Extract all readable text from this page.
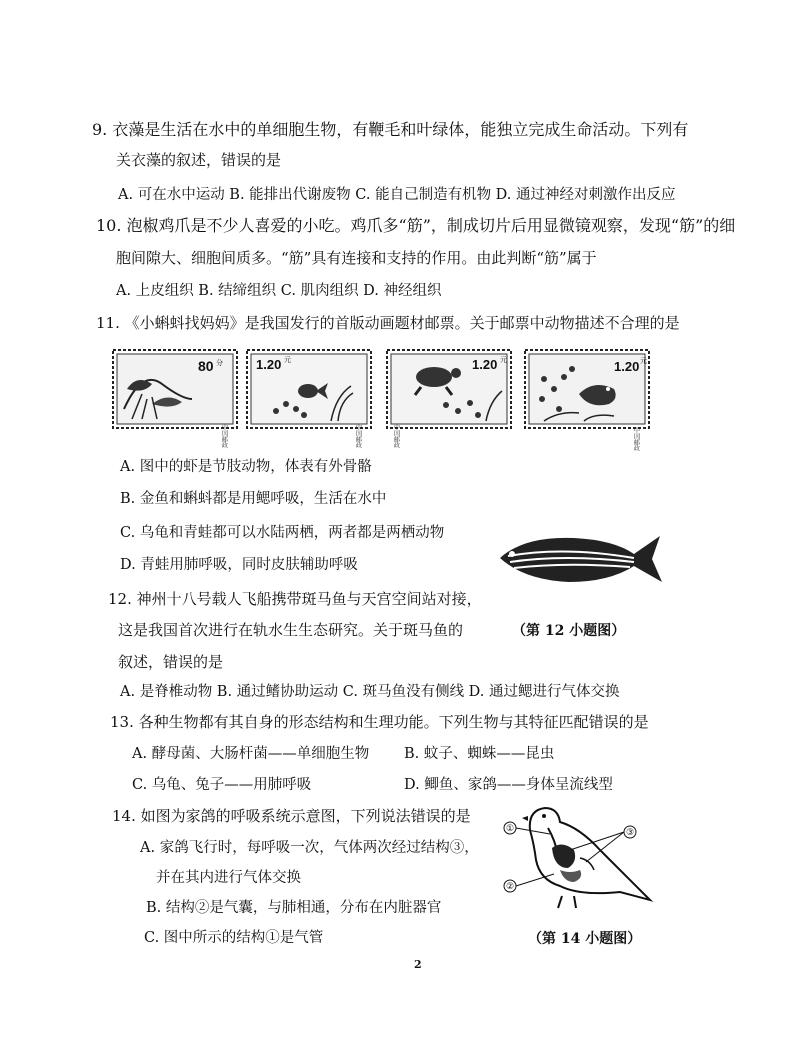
9. 衣藻是生活在水中的单细胞生物，有鞭毛和叶绿体，能独立完成生命活动。下列有
关衣藻的叙述，错误的是
A. 可在水中运动 B. 能排出代谢废物 C. 能自己制造有机物 D. 通过神经对刺激作出反应
10. 泡椒鸡爪是不少人喜爱的小吃。鸡爪多“筋”，制成切片后用显微镜观察，发现“筋”的细
胞间隙大、细胞间质多。“筋”具有连接和支持的作用。由此判断“筋”属于
A. 上皮组织 B. 结缔组织 C. 肌肉组织 D. 神经组织
11. 《小蝌蚪找妈妈》是我国发行的首版动画题材邮票。关于邮票中动物描述不合理的是
80 分
中国邮政
1.20 元
中国邮政
1.20 元
中国邮政
1.20 元
中国邮政
A. 图中的虾是节肢动物，体表有外骨骼
B. 金鱼和蝌蚪都是用鳃呼吸，生活在水中
C. 乌龟和青蛙都可以水陆两栖，两者都是两栖动物
D. 青蛙用肺呼吸，同时皮肤辅助呼吸
12. 神州十八号载人飞船携带斑马鱼与天宫空间站对接，
这是我国首次进行在轨水生生态研究。关于斑马鱼的	（第 12 小题图）
叙述，错误的是
A. 是脊椎动物 B. 通过鳍协助运动 C. 斑马鱼没有侧线 D. 通过鳃进行气体交换
13. 各种生物都有其自身的形态结构和生理功能。下列生物与其特征匹配错误的是
A. 酵母菌、大肠杆菌——单细胞生物 B. 蚊子、蜘蛛——昆虫
C. 乌龟、兔子——用肺呼吸	D. 鲫鱼、家鸽——身体呈流线型
14. 如图为家鸽的呼吸系统示意图，下列说法错误的是
A. 家鸽飞行时，每呼吸一次，气体两次经过结构③，
并在其内进行气体交换
B. 结构②是气囊，与肺相通，分布在内脏器官
C. 图中所示的结构①是气管
①
②
③
（第 14 小题图）
2
